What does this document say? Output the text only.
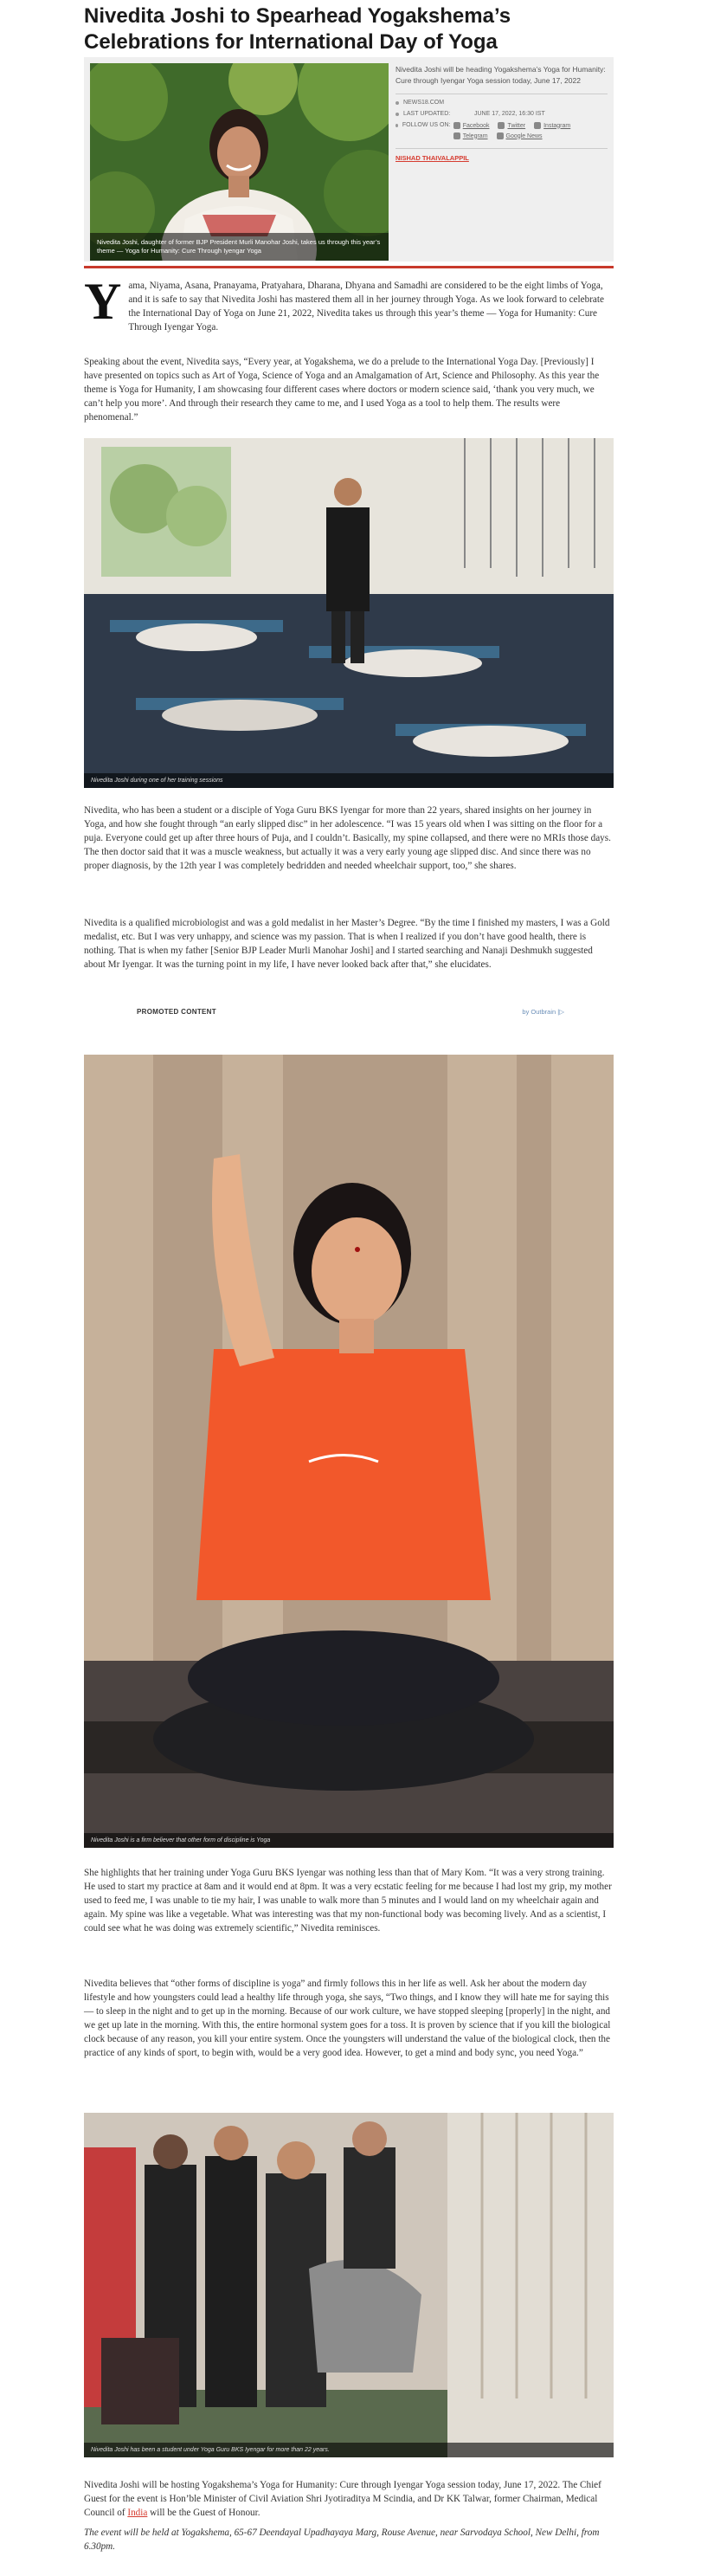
Nivedita Joshi to Spearhead Yogakshema’s Celebrations for International Day of Yoga
Nivedita Joshi, daughter of former BJP President Murli Manohar Joshi, takes us through this year’s theme — Yoga for Humanity: Cure Through Iyengar Yoga

Nivedita Joshi will be heading Yogakshema’s Yoga for Humanity: Cure through Iyengar Yoga session today, June 17, 2022

NEWS18.COM
LAST UPDATED:	JUNE 17, 2022, 16:30 IST
FOLLOW US ON:	Facebook	Twitter	Instagram
Telegram	Google News
NISHAD THAIVALAPPIL

Y ama, Niyama, Asana, Pranayama, Pratyahara, Dharana, Dhyana and Samadhi are considered to be the eight limbs of Yoga, and it is safe to say that Nivedita Joshi has mastered them all in her journey through Yoga. As we look forward to celebrate the International Day of Yoga on June 21, 2022, Nivedita takes us through this year’s theme — Yoga for Humanity: Cure Through Iyengar Yoga.

Speaking about the event, Nivedita says, “Every year, at Yogakshema, we do a prelude to the International Yoga Day. [Previously] I have presented on topics such as Art of Yoga, Science of Yoga and an Amalgamation of Art, Science and Philosophy. As this year the theme is Yoga for Humanity, I am showcasing four different cases where doctors or modern science said, ‘thank you very much, we can’t help you more’. And through their research they came to me, and I used Yoga as a tool to help them. The results were phenomenal.”

Nivedita Joshi during one of her training sessions

Nivedita, who has been a student or a disciple of Yoga Guru BKS Iyengar for more than 22 years, shared insights on her journey in Yoga, and how she fought through “an early slipped disc” in her adolescence. “I was 15 years old when I was sitting on the floor for a puja. Everyone could get up after three hours of Puja, and I couldn’t. Basically, my spine collapsed, and there were no MRIs those days. The then doctor said that it was a muscle weakness, but actually it was a very early young age slipped disc. And since there was no proper diagnosis, by the 12th year I was completely bedridden and needed wheelchair support, too,” she shares.

Nivedita is a qualified microbiologist and was a gold medalist in her Master’s Degree. “By the time I finished my masters, I was a Gold medalist, etc. But I was very unhappy, and science was my passion. That is when I realized if you don’t have good health, there is nothing. That is when my father [Senior BJP Leader Murli Manohar Joshi] and I started searching and Nanaji Deshmukh suggested about Mr Iyengar. It was the turning point in my life, I have never looked back after that,” she elucidates.

PROMOTED CONTENT	by Outbrain |▷
Nivedita Joshi is a firm believer that other form of discipline is Yoga

She highlights that her training under Yoga Guru BKS Iyengar was nothing less than that of Mary Kom. “It was a very strong training. He used to start my practice at 8am and it would end at 8pm. It was a very ecstatic feeling for me because I had lost my grip, my mother used to feed me, I was unable to tie my hair, I was unable to walk more than 5 minutes and I would land on my wheelchair again and again. My spine was like a vegetable. What was interesting was that my non-functional body was becoming lively. And as a scientist, I could see what he was doing was extremely scientific,” Nivedita reminisces.

Nivedita believes that “other forms of discipline is yoga” and firmly follows this in her life as well. Ask her about the modern day lifestyle and how youngsters could lead a healthy life through yoga, she says, “Two things, and I know they will hate me for saying this — to sleep in the night and to get up in the morning. Because of our work culture, we have stopped sleeping [properly] in the night, and we get up late in the morning. With this, the entire hormonal system goes for a toss. It is proven by science that if you kill the biological clock because of any reason, you kill your entire system. Once the youngsters will understand the value of the biological clock, then the practice of any kinds of sport, to begin with, would be a very good idea. However, to get a mind and body sync, you need Yoga.”

Nivedita Joshi has been a student under Yoga Guru BKS Iyengar for more than 22 years.

Nivedita Joshi will be hosting Yogakshema’s Yoga for Humanity: Cure through Iyengar Yoga session today, June 17, 2022. The Chief Guest for the event is Hon’ble Minister of Civil Aviation Shri Jyotiraditya M Scindia, and Dr KK Talwar, former Chairman, Medical Council of India will be the Guest of Honour.

The event will be held at Yogakshema, 65-67 Deendayal Upadhayaya Marg, Rouse Avenue, near Sarvodaya School, New Delhi, from 6.30pm.
